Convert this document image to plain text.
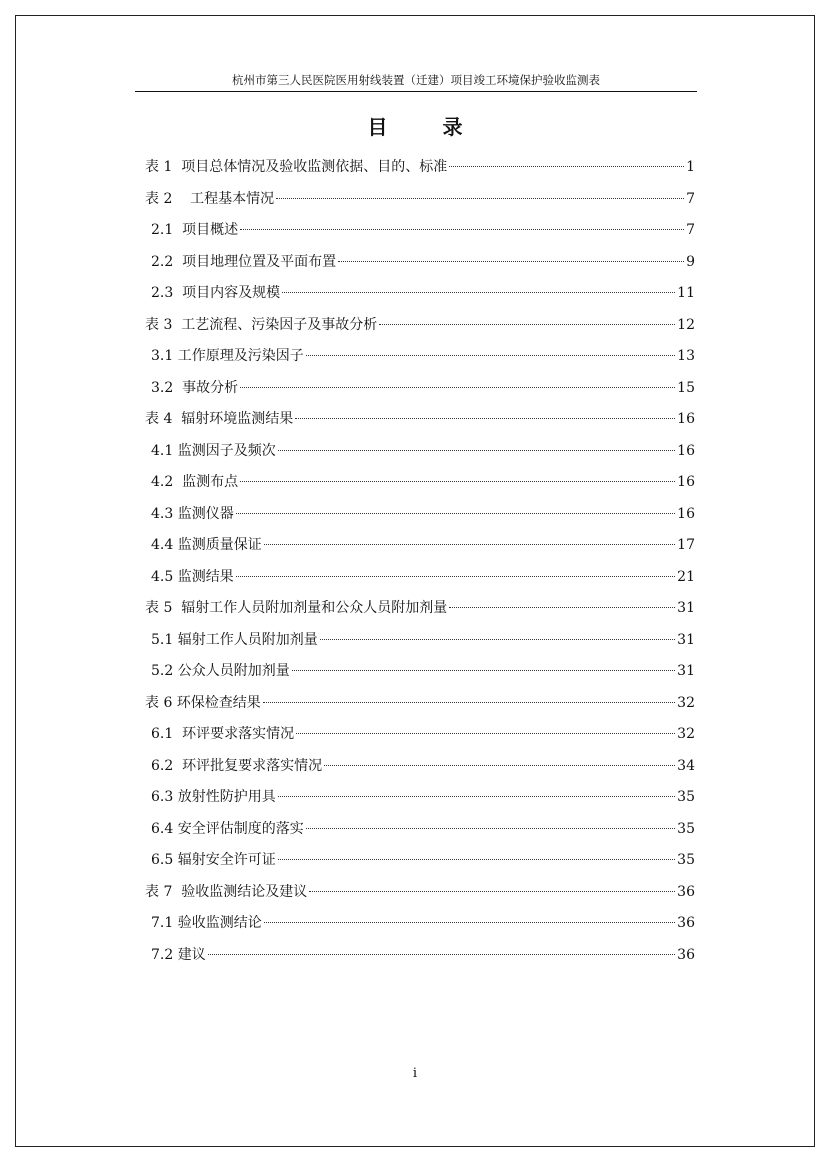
杭州市第三人民医院医用射线装置（迁建）项目竣工环境保护验收监测表
目 录
表 1  项目总体情况及验收监测依据、目的、标准	1
表 2    工程基本情况	7
2.1  项目概述	7
2.2  项目地理位置及平面布置	9
2.3  项目内容及规模	11
表 3  工艺流程、污染因子及事故分析	12
3.1 工作原理及污染因子	13
3.2  事故分析	15
表 4  辐射环境监测结果	16
4.1 监测因子及频次	16
4.2  监测布点	16
4.3 监测仪器	16
4.4 监测质量保证	17
4.5 监测结果	21
表 5  辐射工作人员附加剂量和公众人员附加剂量	31
5.1 辐射工作人员附加剂量	31
5.2 公众人员附加剂量	31
表 6 环保检查结果	32
6.1  环评要求落实情况	32
6.2  环评批复要求落实情况	34
6.3 放射性防护用具	35
6.4 安全评估制度的落实	35
6.5 辐射安全许可证	35
表 7  验收监测结论及建议	36
7.1 验收监测结论	36
7.2 建议	36
i
